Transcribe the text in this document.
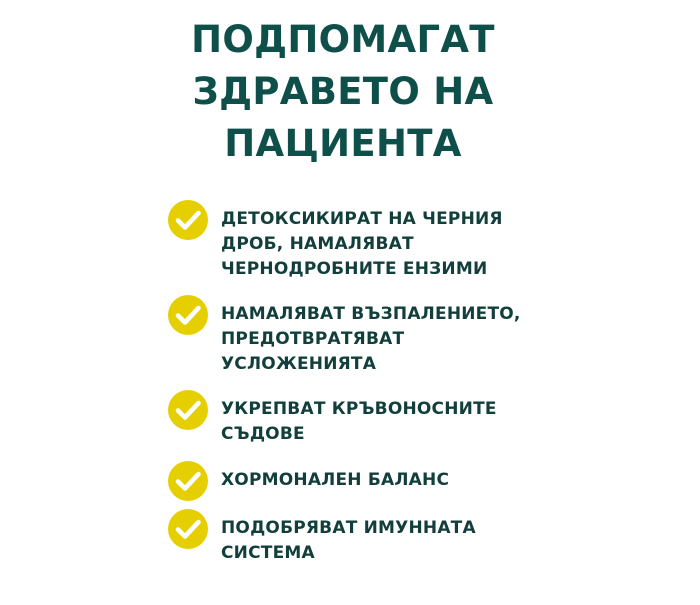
ПОДПОМАГАТ
ЗДРАВЕТО НА
ПАЦИЕНТА
ДЕТОКСИКИРАТ НА ЧЕРНИЯ
ДРОБ, НАМАЛЯВАТ
ЧЕРНОДРОБНИТЕ ЕНЗИМИ
НАМАЛЯВАТ ВЪЗПАЛЕНИЕТО,
ПРЕДОТВРАТЯВАТ
УСЛОЖЕНИЯТА
УКРЕПВАТ КРЪВОНОСНИТЕ
СЪДОВЕ
ХОРМОНАЛЕН БАЛАНС
ПОДОБРЯВАТ ИМУННАТА
СИСТЕМА
